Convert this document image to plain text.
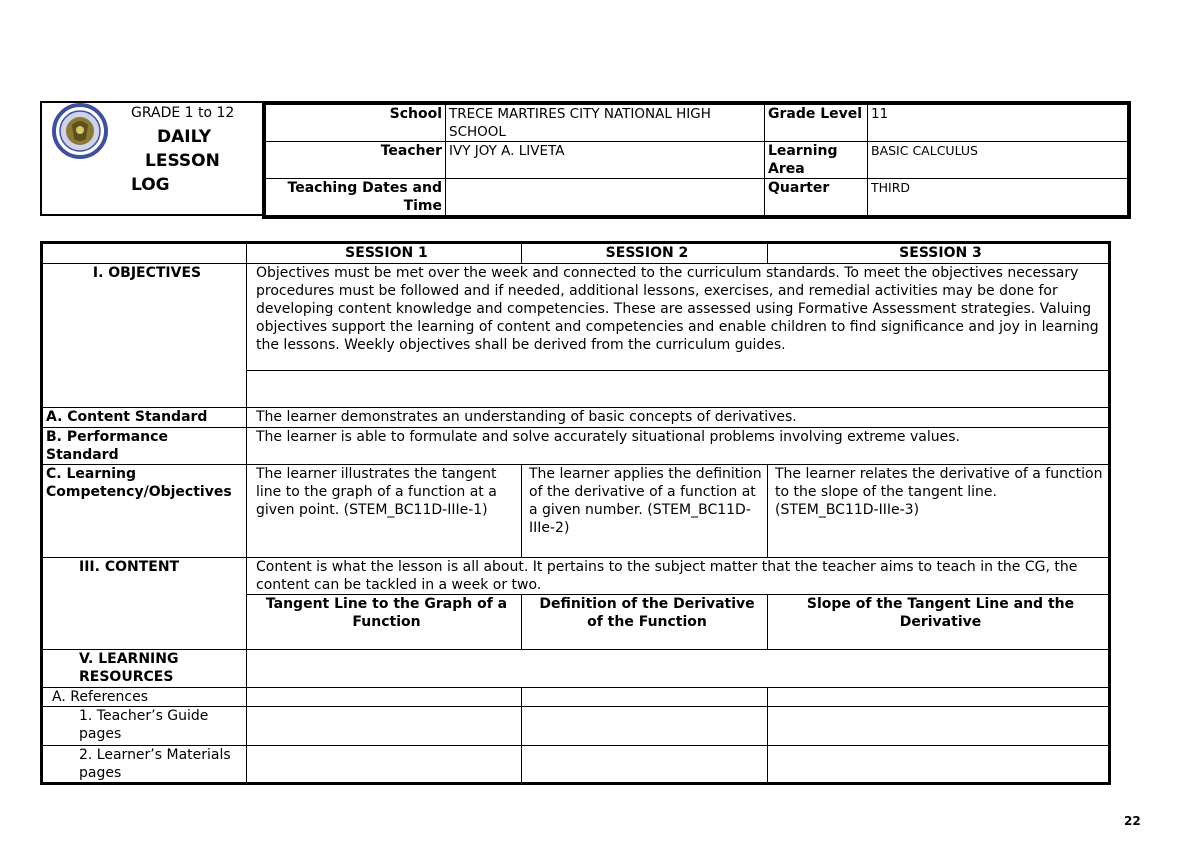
GRADE 1 to 12
DAILY
LESSON
LOG
School	TRECE MARTIRES CITY NATIONAL HIGH SCHOOL	Grade Level	11
Teacher	IVY JOY A. LIVETA	Learning Area	BASIC CALCULUS
Teaching Dates and Time		Quarter	THIRD
	SESSION 1	SESSION 2	SESSION 3
I. OBJECTIVES	Objectives must be met over the week and connected to the curriculum standards. To meet the objectives necessary procedures must be followed and if needed, additional lessons, exercises, and remedial activities may be done for developing content knowledge and competencies. These are assessed using Formative Assessment strategies. Valuing objectives support the learning of content and competencies and enable children to find significance and joy in learning the lessons. Weekly objectives shall be derived from the curriculum guides.		

A. Content Standard	The learner demonstrates an understanding of basic concepts of derivatives.		
B. Performance Standard	The learner is able to formulate and solve accurately situational problems involving extreme values.		
C. Learning Competency/Objectives	The learner illustrates the tangent line to the graph of a function at a given point. (STEM_BC11D-IIIe-1)	The learner applies the definition of the derivative of a function at a given number. (STEM_BC11D-IIIe-2)	The learner relates the derivative of a function to the slope of the tangent line. (STEM_BC11D-IIIe-3)
III. CONTENT	Content is what the lesson is all about. It pertains to the subject matter that the teacher aims to teach in the CG, the content can be tackled in a week or two.		
	Tangent Line to the Graph of a Function	Definition of the Derivative of the Function	Slope of the Tangent Line and the Derivative
V. LEARNING RESOURCES			
A. References			
1. Teacher’s Guide pages			
2. Learner’s Materials pages			
22
